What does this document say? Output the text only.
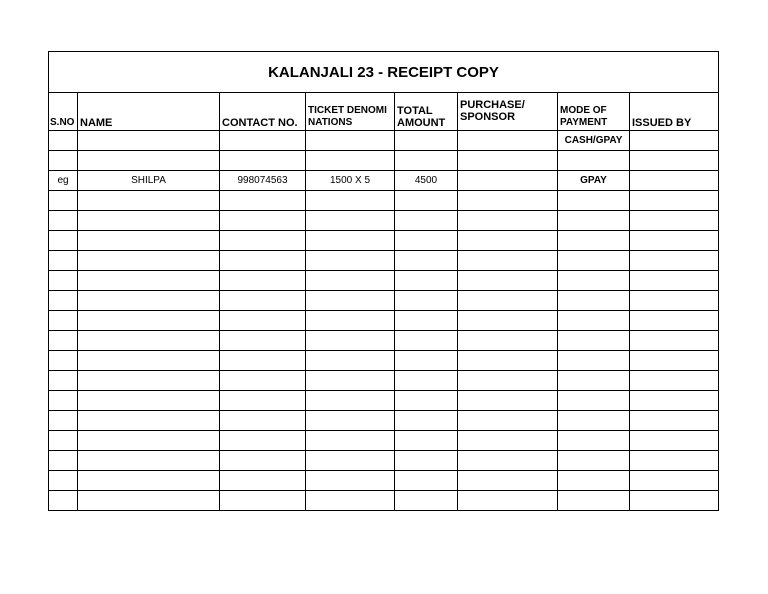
KALANJALI 23 - RECEIPT COPY							
S.NO	NAME	CONTACT NO.	TICKET DENOMINATIONS	TOTAL AMOUNT	PURCHASE/ SPONSOR	MODE OF PAYMENT	ISSUED BY
						CASH/GPAY	

eg	SHILPA	998074563	1500 X 5	4500		GPAY	
